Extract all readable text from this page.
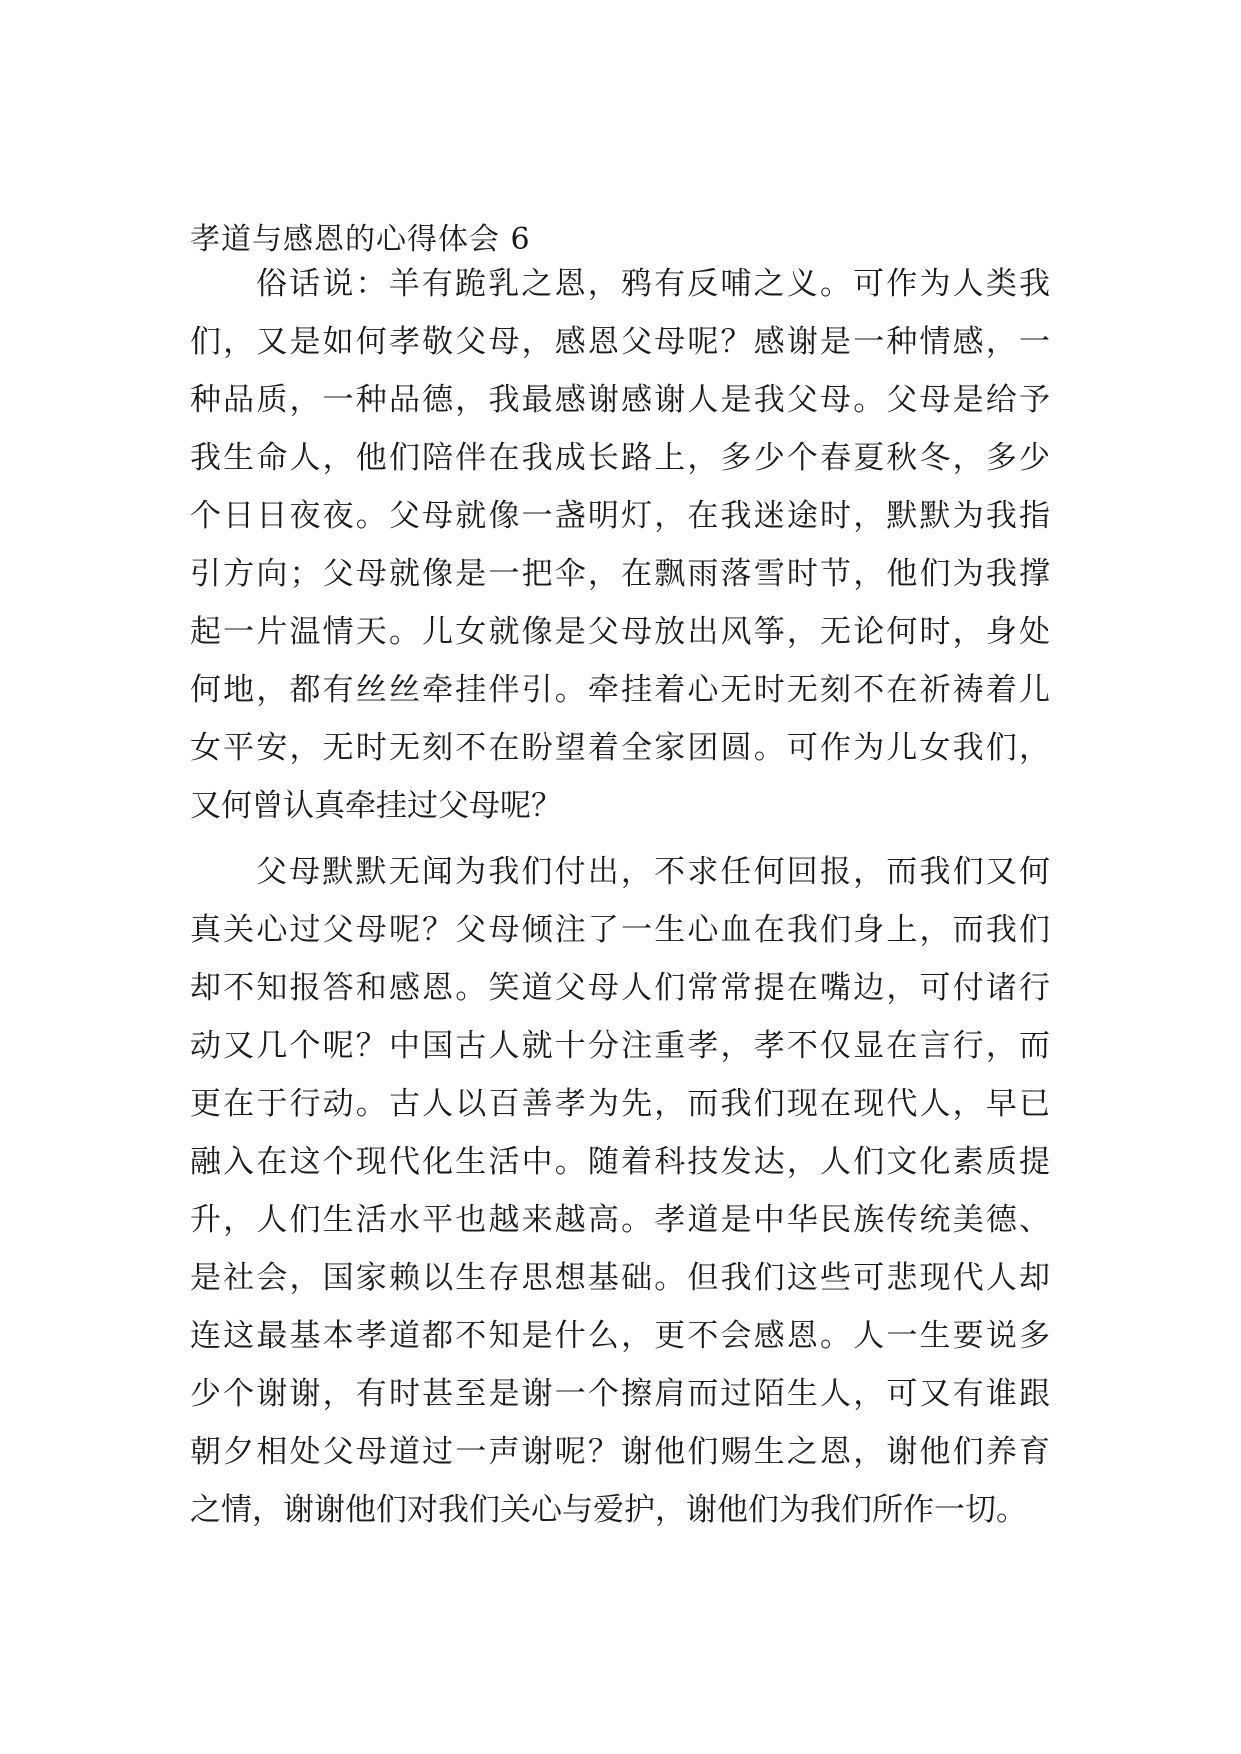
孝道与感恩的心得体会 6
俗话说：羊有跪乳之恩，鸦有反哺之义。可作为人类我
们，又是如何孝敬父母，感恩父母呢？感谢是一种情感，一
种品质，一种品德，我最感谢感谢人是我父母。父母是给予
我生命人，他们陪伴在我成长路上，多少个春夏秋冬，多少
个日日夜夜。父母就像一盏明灯，在我迷途时，默默为我指
引方向；父母就像是一把伞，在飘雨落雪时节，他们为我撑
起一片温情天。儿女就像是父母放出风筝，无论何时，身处
何地，都有丝丝牵挂伴引。牵挂着心无时无刻不在祈祷着儿
女平安，无时无刻不在盼望着全家团圆。可作为儿女我们，
又何曾认真牵挂过父母呢？
父母默默无闻为我们付出，不求任何回报，而我们又何
真关心过父母呢？父母倾注了一生心血在我们身上，而我们
却不知报答和感恩。笑道父母人们常常提在嘴边，可付诸行
动又几个呢？中国古人就十分注重孝，孝不仅显在言行，而
更在于行动。古人以百善孝为先，而我们现在现代人，早已
融入在这个现代化生活中。随着科技发达，人们文化素质提
升，人们生活水平也越来越高。孝道是中华民族传统美德、
是社会，国家赖以生存思想基础。但我们这些可悲现代人却
连这最基本孝道都不知是什么，更不会感恩。人一生要说多
少个谢谢，有时甚至是谢一个擦肩而过陌生人，可又有谁跟
朝夕相处父母道过一声谢呢？谢他们赐生之恩，谢他们养育
之情，谢谢他们对我们关心与爱护，谢他们为我们所作一切。
